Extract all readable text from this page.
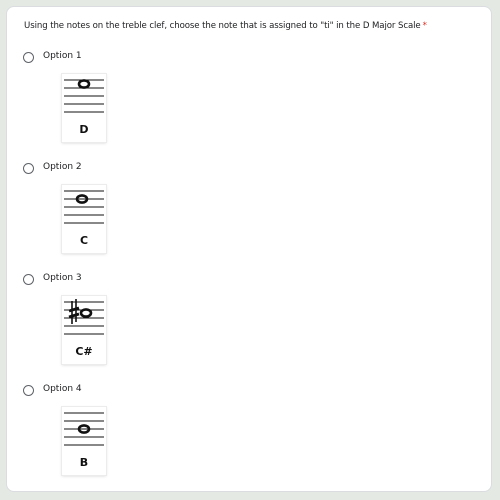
Using the notes on the treble clef, choose the note that is assigned to "ti" in the D Major Scale *
Option 1
D
Option 2
C
Option 3
C#
Option 4
B
